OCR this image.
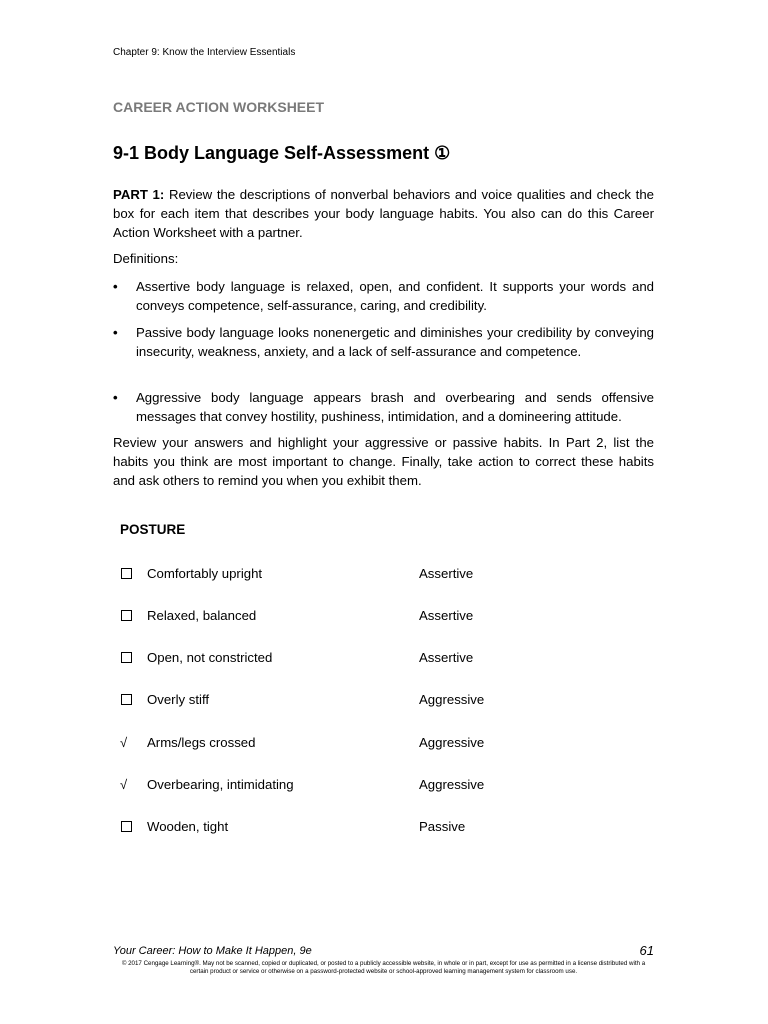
Chapter 9: Know the Interview Essentials
CAREER ACTION WORKSHEET
9-1 Body Language Self-Assessment ①
PART 1: Review the descriptions of nonverbal behaviors and voice qualities and check the box for each item that describes your body language habits. You also can do this Career Action Worksheet with a partner.
Definitions:
•	Assertive body language is relaxed, open, and confident. It supports your words and conveys competence, self-assurance, caring, and credibility.
•	Passive body language looks nonenergetic and diminishes your credibility by conveying insecurity, weakness, anxiety, and a lack of self-assurance and competence.
•	Aggressive body language appears brash and overbearing and sends offensive messages that convey hostility, pushiness, intimidation, and a domineering attitude.
Review your answers and highlight your aggressive or passive habits. In Part 2, list the habits you think are most important to change. Finally, take action to correct these habits and ask others to remind you when you exhibit them.
POSTURE
Comfortably upright	Assertive
Relaxed, balanced	Assertive
Open, not constricted	Assertive
Overly stiff	Aggressive
√ Arms/legs crossed	Aggressive
√ Overbearing, intimidating	Aggressive
Wooden, tight	Passive
Your Career: How to Make It Happen, 9e	61
© 2017 Cengage Learning®. May not be scanned, copied or duplicated, or posted to a publicly accessible website, in whole or in part, except for use as permitted in a license distributed with a certain product or service or otherwise on a password-protected website or school-approved learning management system for classroom use.
